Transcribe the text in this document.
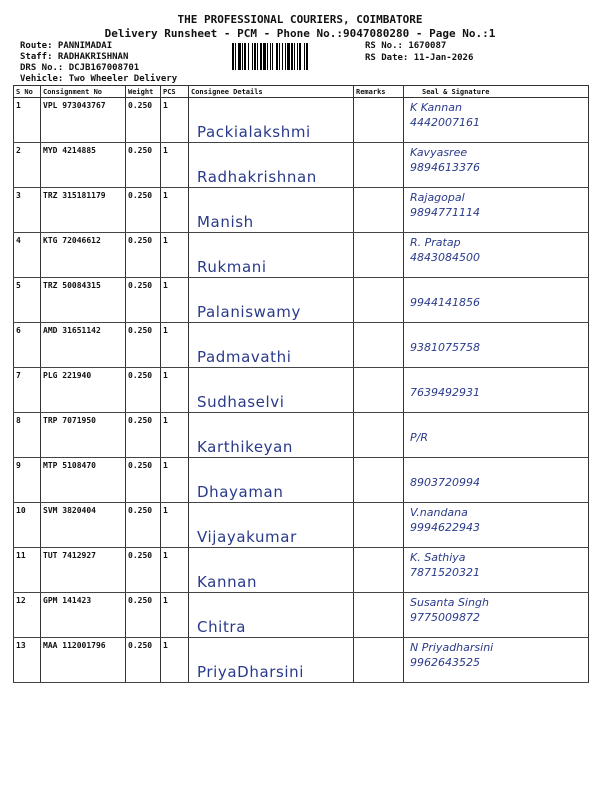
THE PROFESSIONAL COURIERS, COIMBATORE
Delivery Runsheet - PCM - Phone No.:9047080280 - Page No.:1
Route: PANNIMADAI
Staff: RADHAKRISHNAN
DRS No.: DCJB167008701
Vehicle: Two Wheeler Delivery
RS No.: 1670087
RS Date: 11-Jan-2026
S No	Consignment No	Weight	PCS	Consignee Details	Remarks	Seal & Signature
1	VPL 973043767	0.250	1	Packialakshmi		K Kannan
4442007161

2	MYD 4214885	0.250	1	Radhakrishnan		Kavyasree
9894613376

3	TRZ 315181179	0.250	1	Manish		Rajagopal
9894771114

4	KTG 72046612	0.250	1	Rukmani		R. Pratap
4843084500

5	TRZ 50084315	0.250	1	Palaniswamy		9944141856

6	AMD 31651142	0.250	1	Padmavathi		9381075758

7	PLG 221940	0.250	1	Sudhaselvi		7639492931

8	TRP 7071950	0.250	1	Karthikeyan		P/R

9	MTP 5108470	0.250	1	Dhayaman		8903720994

10	SVM 3820404	0.250	1	Vijayakumar		V.nandana
9994622943

11	TUT 7412927	0.250	1	Kannan		K. Sathiya
7871520321

12	GPM 141423	0.250	1	Chitra		Susanta Singh
9775009872

13	MAA 112001796	0.250	1	PriyaDharsini		N Priyadharsini
9962643525
